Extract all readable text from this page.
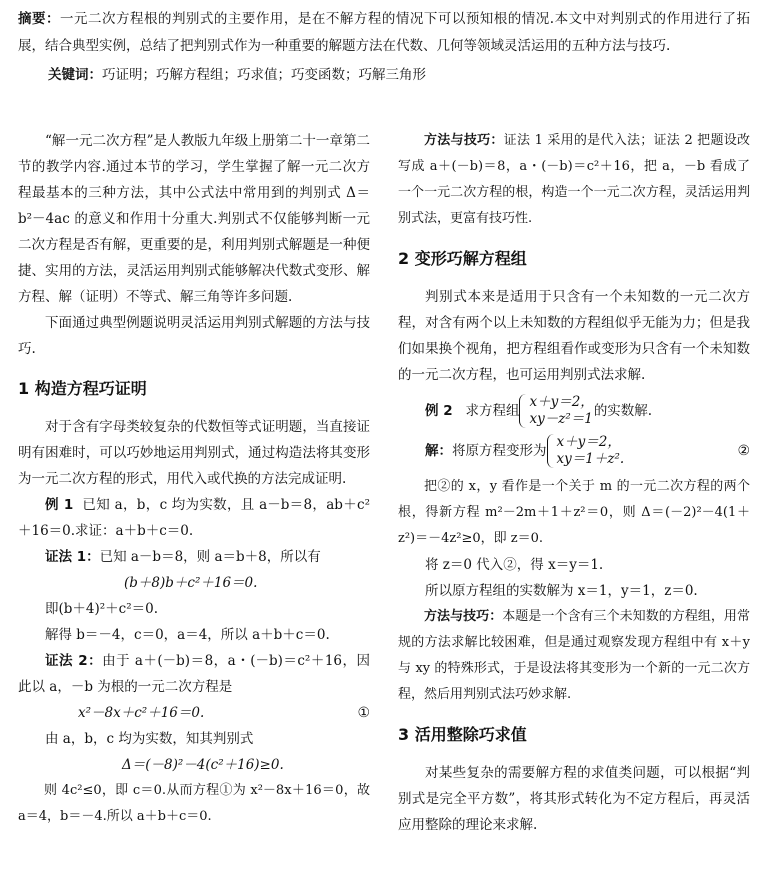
摘要：一元二次方程根的判别式的主要作用，是在不解方程的情况下可以预知根的情况.本文中对判别式的作用进行了拓展，结合典型实例，总结了把判别式作为一种重要的解题方法在代数、几何等领域灵活运用的五种方法与技巧.

关键词：巧证明；巧解方程组；巧求值；巧变函数；巧解三角形

“解一元二次方程”是人教版九年级上册第二十一章第二节的教学内容.通过本节的学习，学生掌握了解一元二次方程最基本的三种方法，其中公式法中常用到的判别式 Δ＝b²－4ac 的意义和作用十分重大.判别式不仅能够判断一元二次方程是否有解，更重要的是，利用判别式解题是一种便捷、实用的方法，灵活运用判别式能够解决代数式变形、解方程、解（证明）不等式、解三角等许多问题.

下面通过典型例题说明灵活运用判别式解题的方法与技巧.

1 构造方程巧证明

对于含有字母类较复杂的代数恒等式证明题，当直接证明有困难时，可以巧妙地运用判别式，通过构造法将其变形为一元二次方程的形式，用代入或代换的方法完成证明.

例 1 已知 a，b，c 均为实数，且 a－b＝8，ab＋c²＋16＝0.求证：a＋b＋c＝0.

证法 1：已知 a－b＝8，则 a＝b＋8，所以有

(b＋8)b＋c²＋16＝0.

即(b＋4)²＋c²＝0.

解得 b＝－4，c＝0，a＝4，所以 a＋b＋c＝0.

证法 2：由于 a＋(－b)＝8，a・(－b)＝c²＋16，因此以 a，－b 为根的一元二次方程是

x²－8x＋c²＋16＝0.	①

由 a，b，c 均为实数，知其判别式

Δ＝(－8)²－4(c²＋16)≥0.

则 4c²≤0，即 c＝0.从而方程①为 x²－8x＋16＝0，故 a＝4，b＝－4.所以 a＋b＋c＝0.

方法与技巧：证法 1 采用的是代入法；证法 2 把题设改写成 a＋(－b)＝8，a・(－b)＝c²＋16，把 a，－b 看成了一个一元二次方程的根，构造一个一元二次方程，灵活运用判别式法，更富有技巧性.

2 变形巧解方程组

判别式本来是适用于只含有一个未知数的一元二次方程，对含有两个以上未知数的方程组似乎无能为力；但是我们如果换个视角，把方程组看作或变形为只含有一个未知数的一元二次方程，也可运用判别式法求解.

例 2
求方程组
x＋y＝2，
xy－z²＝1 的实数解.
解： 将原方程变形为
x＋y＝2，
xy＝1＋z².	②

把②的 x，y 看作是一个关于 m 的一元二次方程的两个根，得新方程 m²－2m＋1＋z²＝0，则 Δ＝(－2)²－4(1＋z²)＝－4z²≥0，即 z＝0.

将 z＝0 代入②，得 x＝y＝1.

所以原方程组的实数解为 x＝1，y＝1，z＝0.

方法与技巧：本题是一个含有三个未知数的方程组，用常规的方法求解比较困难，但是通过观察发现方程组中有 x＋y 与 xy 的特殊形式，于是设法将其变形为一个新的一元二次方程，然后用判别式法巧妙求解.

3 活用整除巧求值

对某些复杂的需要解方程的求值类问题，可以根据“判别式是完全平方数”，将其形式转化为不定方程后，再灵活应用整除的理论来求解.
